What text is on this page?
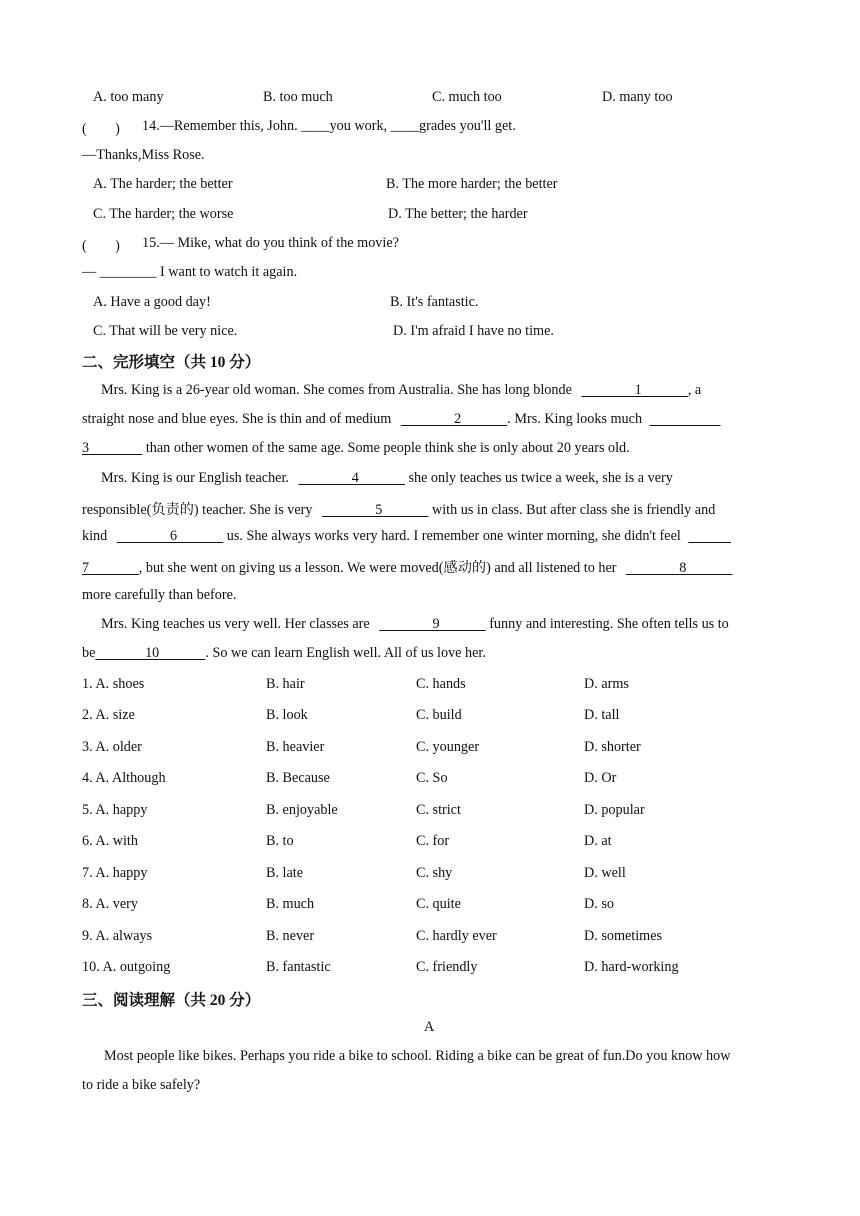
A. too many	B. too much	C. much too	D. many too
(　　) 14.—Remember this, John. ____you work, ____grades you'll get.
—Thanks,Miss Rose.
A. The harder; the better	B. The more harder; the better
C. The harder; the worse	D. The better; the harder
(　　) 15.— Mike, what do you think of the movie?
— ________ I want to watch it again.
A. Have a good day!	B. It's fantastic.
C. That will be very nice.	D. I'm afraid I have no time.
二、完形填空（共 10 分）
Mrs. King is a 26-year old woman. She comes from Australia. She has long blonde	1	, a
straight nose and blue eyes. She is thin and of medium	2	. Mrs. King looks much
3	than other women of the same age. Some people think she is only about 20 years old.
Mrs. King is our English teacher.	4	she only teaches us twice a week, she is a very
responsible(负责的) teacher. She is very	5	with us in class. But after class she is friendly and
kind	6	us. She always works very hard. I remember one winter morning, she didn't feel
7	, but she went on giving us a lesson. We were moved(感动的) and all listened to her	8
more carefully than before.
Mrs. King teaches us very well. Her classes are	9	funny and interesting. She often tells us to
be	10	. So we can learn English well. All of us love her.
1. A. shoes	B. hair	C. hands	D. arms
2. A. size	B. look	C. build	D. tall
3. A. older	B. heavier	C. younger	D. shorter
4. A. Although	B. Because	C. So	D. Or
5. A. happy	B. enjoyable	C. strict	D. popular
6. A. with	B. to	C. for	D. at
7. A. happy	B. late	C. shy	D. well
8. A. very	B. much	C. quite	D. so
9. A. always	B. never	C. hardly ever	D. sometimes
10. A. outgoing	B. fantastic	C. friendly	D. hard-working
三、阅读理解（共 20 分）
A
Most people like bikes. Perhaps you ride a bike to school. Riding a bike can be great of fun.Do you know how
to ride a bike safely?
